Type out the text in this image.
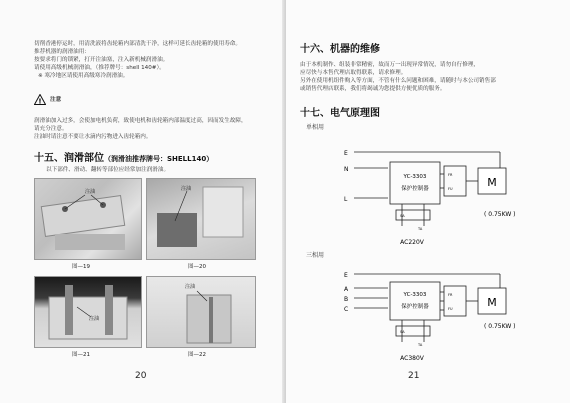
切削香港停运时，用清洗液将齿轮箱内部清洗干净，这样可延长齿轮箱的使用寿命。
推荐机器的润滑油用：
按要求将门的锁紧，打开注油塞，注入新机械润滑油。
请使用高级机械润滑油，（推荐牌号：shell 140#）。
※ 寒冷地区请使用高级寒冷润滑油。
! 注意
润滑油加入过多，会使加电机负荷，致使电机和齿轮箱内部温度过高，因而发生故障，
请充分注意。
注油时请注意不要让水滴内污物进入齿轮箱内。
十五、润滑部位（润滑油推荐牌号：SHELL140）
以下部件、滑动、翻转等部位应经常加注润滑油。
注油	注油
图—19	图—20
注油
注油
图—21	图—22
20
十六、机器的维修
由于本机制作、组装非常精密，故而万一出现异常情况，请勿自行修理，
应尽快与本售代理店取得联系，请求修理。
另外在使用机组件购入等方面，不管有什么问题和困难，请随时与本公司销售部
或销售代理店联系，我们将竭诚为您提供方便优质的服务。
十七、电气原理图
单相用
M
E
N
L
YC-3303
保护控制器
FR
FU
SA
TA
( 0.75KW )
AC220V
三相用
M
E
A
B
C
YC-3303
保护控制器
FR
FU
SA
TA
( 0.75KW )
AC380V
21
